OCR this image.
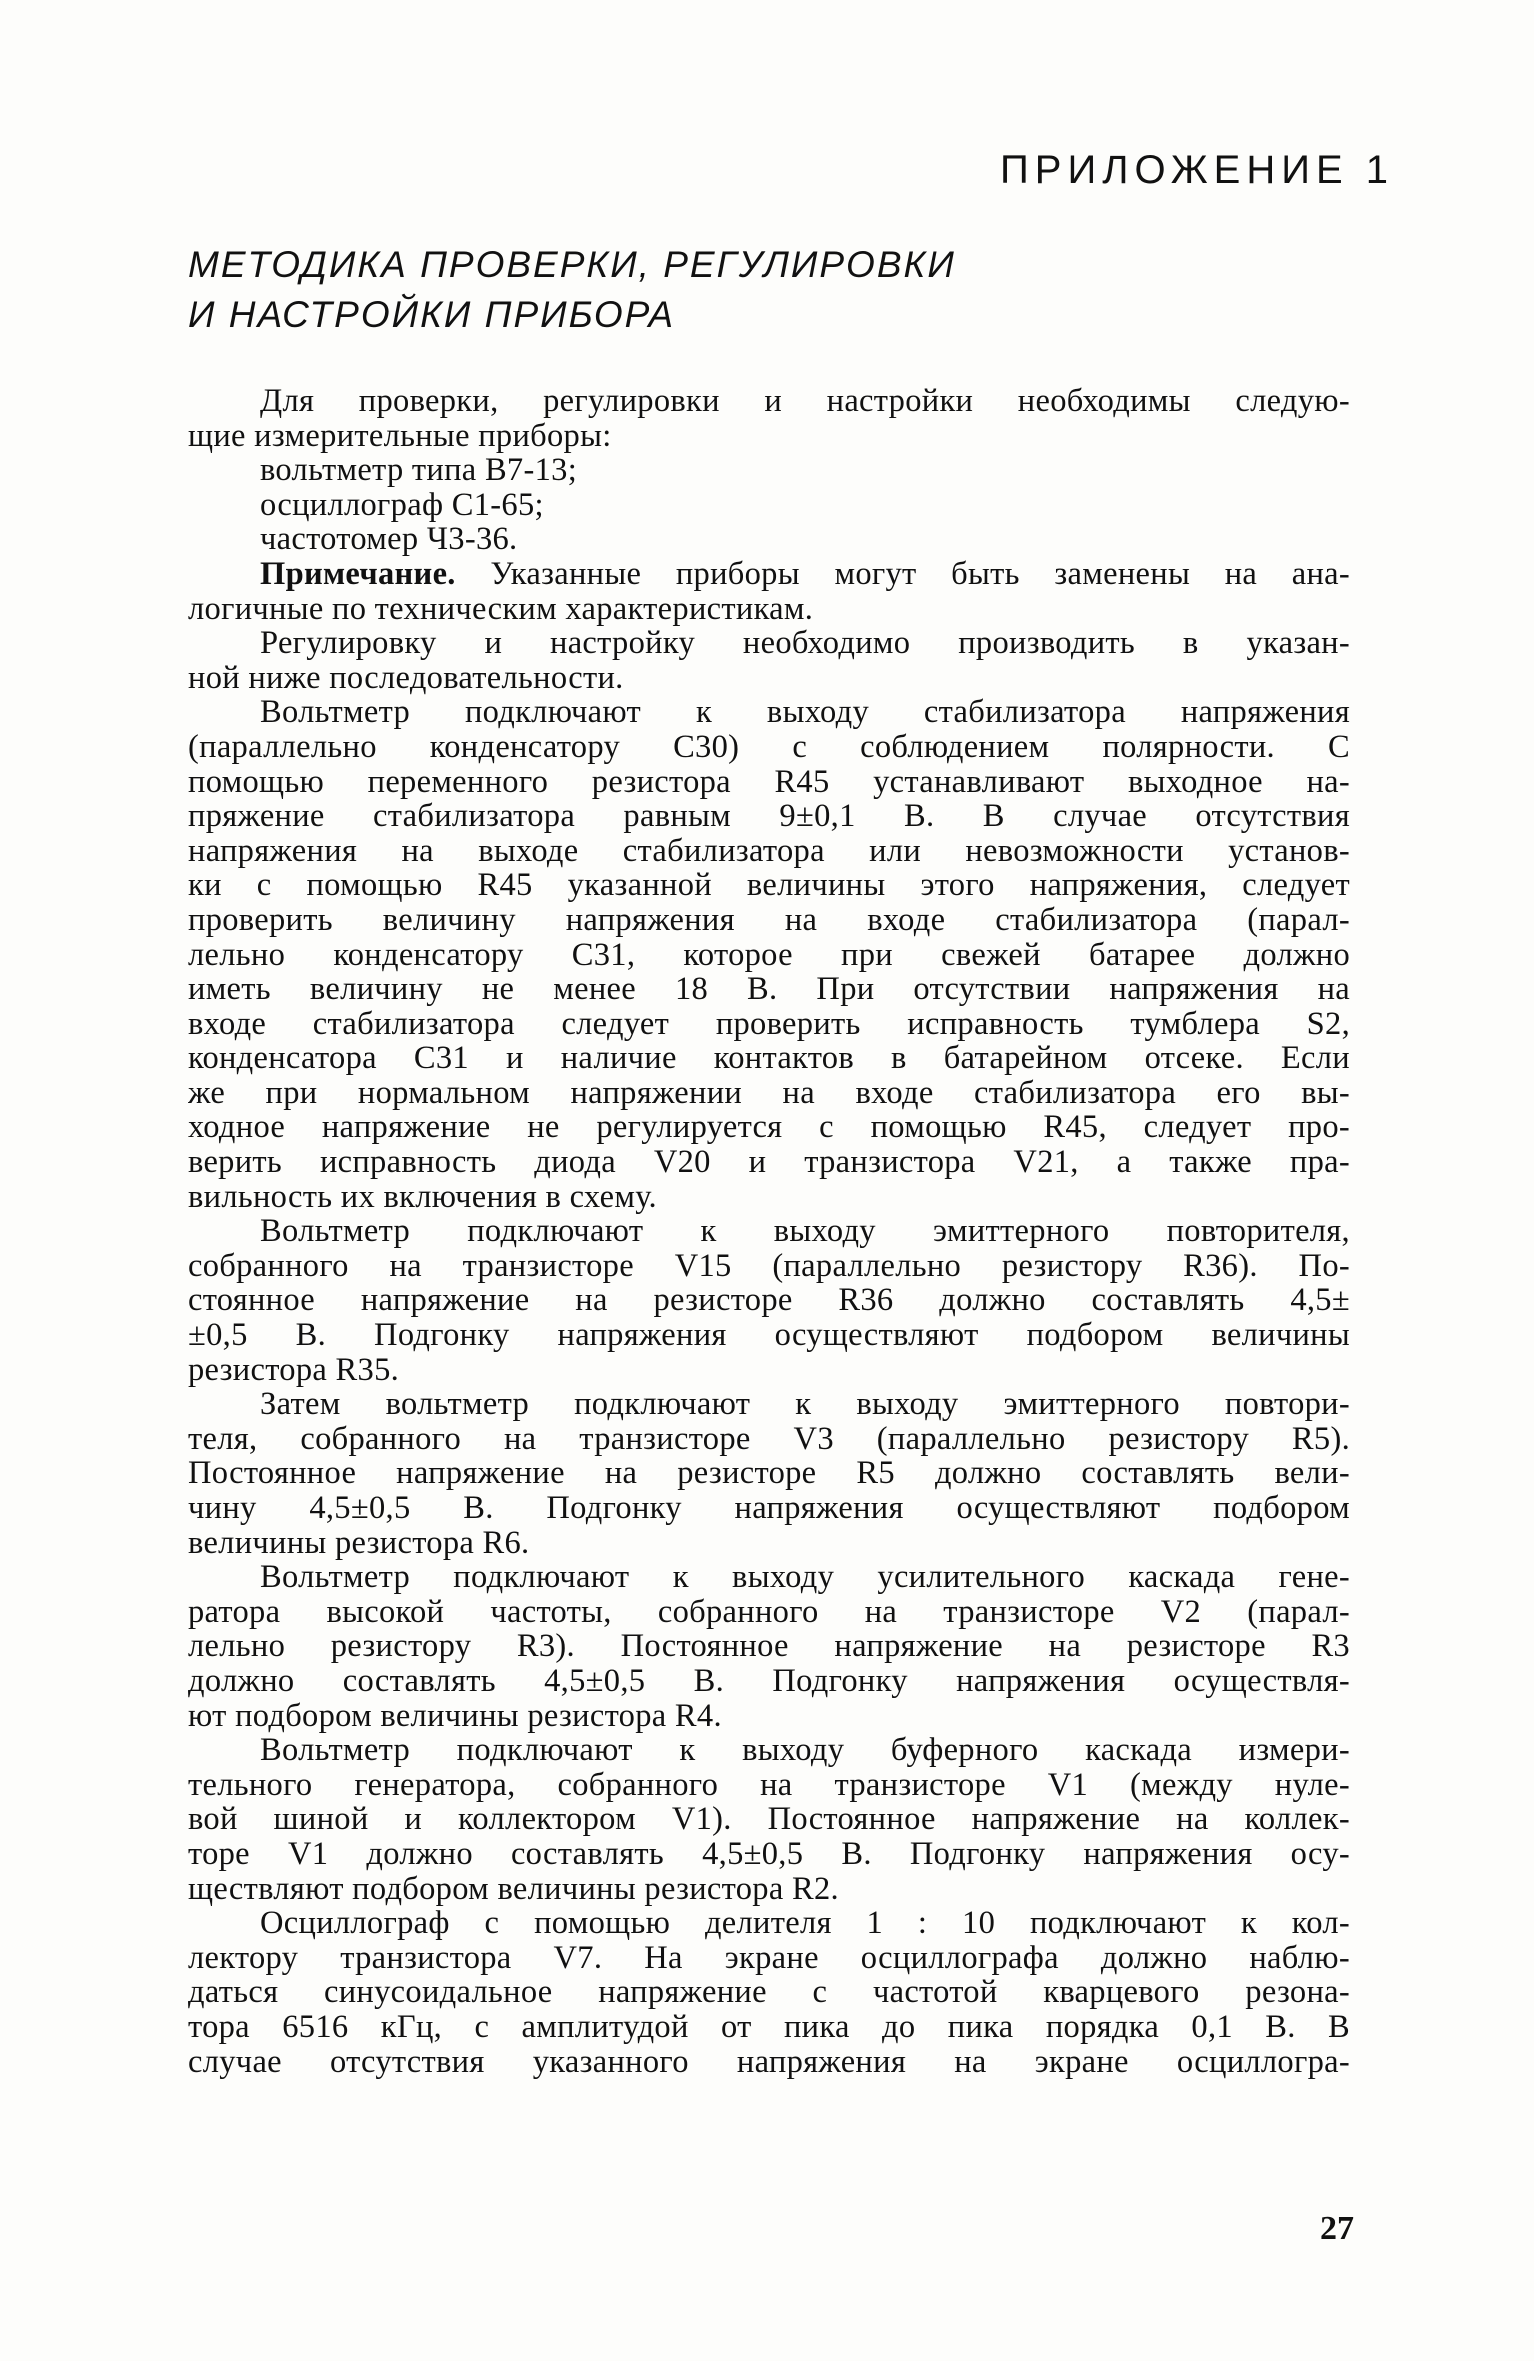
ПРИЛОЖЕНИЕ 1
МЕТОДИКА ПРОВЕРКИ, РЕГУЛИРОВКИ
И НАСТРОЙКИ ПРИБОРА
Для проверки, регулировки и настройки необходимы следую-
щие измерительные приборы:
вольтметр типа В7-13;
осциллограф С1-65;
частотомер Ч3-36.
Примечание. Указанные приборы могут быть заменены на ана-
логичные по техническим характеристикам.
Регулировку и настройку необходимо производить в указан-
ной ниже последовательности.
Вольтметр подключают к выходу стабилизатора напряжения
(параллельно конденсатору С30) с соблюдением полярности. С
помощью переменного резистора R45 устанавливают выходное на-
пряжение стабилизатора равным 9±0,1 В. В случае отсутствия
напряжения на выходе стабилизатора или невозможности установ-
ки с помощью R45 указанной величины этого напряжения, следует
проверить величину напряжения на входе стабилизатора (парал-
лельно конденсатору С31, которое при свежей батарее должно
иметь величину не менее 18 В. При отсутствии напряжения на
входе стабилизатора следует проверить исправность тумблера S2,
конденсатора С31 и наличие контактов в батарейном отсеке. Если
же при нормальном напряжении на входе стабилизатора его вы-
ходное напряжение не регулируется с помощью R45, следует про-
верить исправность диода V20 и транзистора V21, а также пра-
вильность их включения в схему.
Вольтметр подключают к выходу эмиттерного повторителя,
собранного на транзисторе V15 (параллельно резистору R36). По-
стоянное напряжение на резисторе R36 должно составлять 4,5±
±0,5 В. Подгонку напряжения осуществляют подбором величины
резистора R35.
Затем вольтметр подключают к выходу эмиттерного повтори-
теля, собранного на транзисторе V3 (параллельно резистору R5).
Постоянное напряжение на резисторе R5 должно составлять вели-
чину 4,5±0,5 В. Подгонку напряжения осуществляют подбором
величины резистора R6.
Вольтметр подключают к выходу усилительного каскада гене-
ратора высокой частоты, собранного на транзисторе V2 (парал-
лельно резистору R3). Постоянное напряжение на резисторе R3
должно составлять 4,5±0,5 В. Подгонку напряжения осуществля-
ют подбором величины резистора R4.
Вольтметр подключают к выходу буферного каскада измери-
тельного генератора, собранного на транзисторе V1 (между нуле-
вой шиной и коллектором V1). Постоянное напряжение на коллек-
торе V1 должно составлять 4,5±0,5 В. Подгонку напряжения осу-
ществляют подбором величины резистора R2.
Осциллограф с помощью делителя 1 : 10 подключают к кол-
лектору транзистора V7. На экране осциллографа должно наблю-
даться синусоидальное напряжение с частотой кварцевого резона-
тора 6516 кГц, с амплитудой от пика до пика порядка 0,1 В. В
случае отсутствия указанного напряжения на экране осциллогра-
27
